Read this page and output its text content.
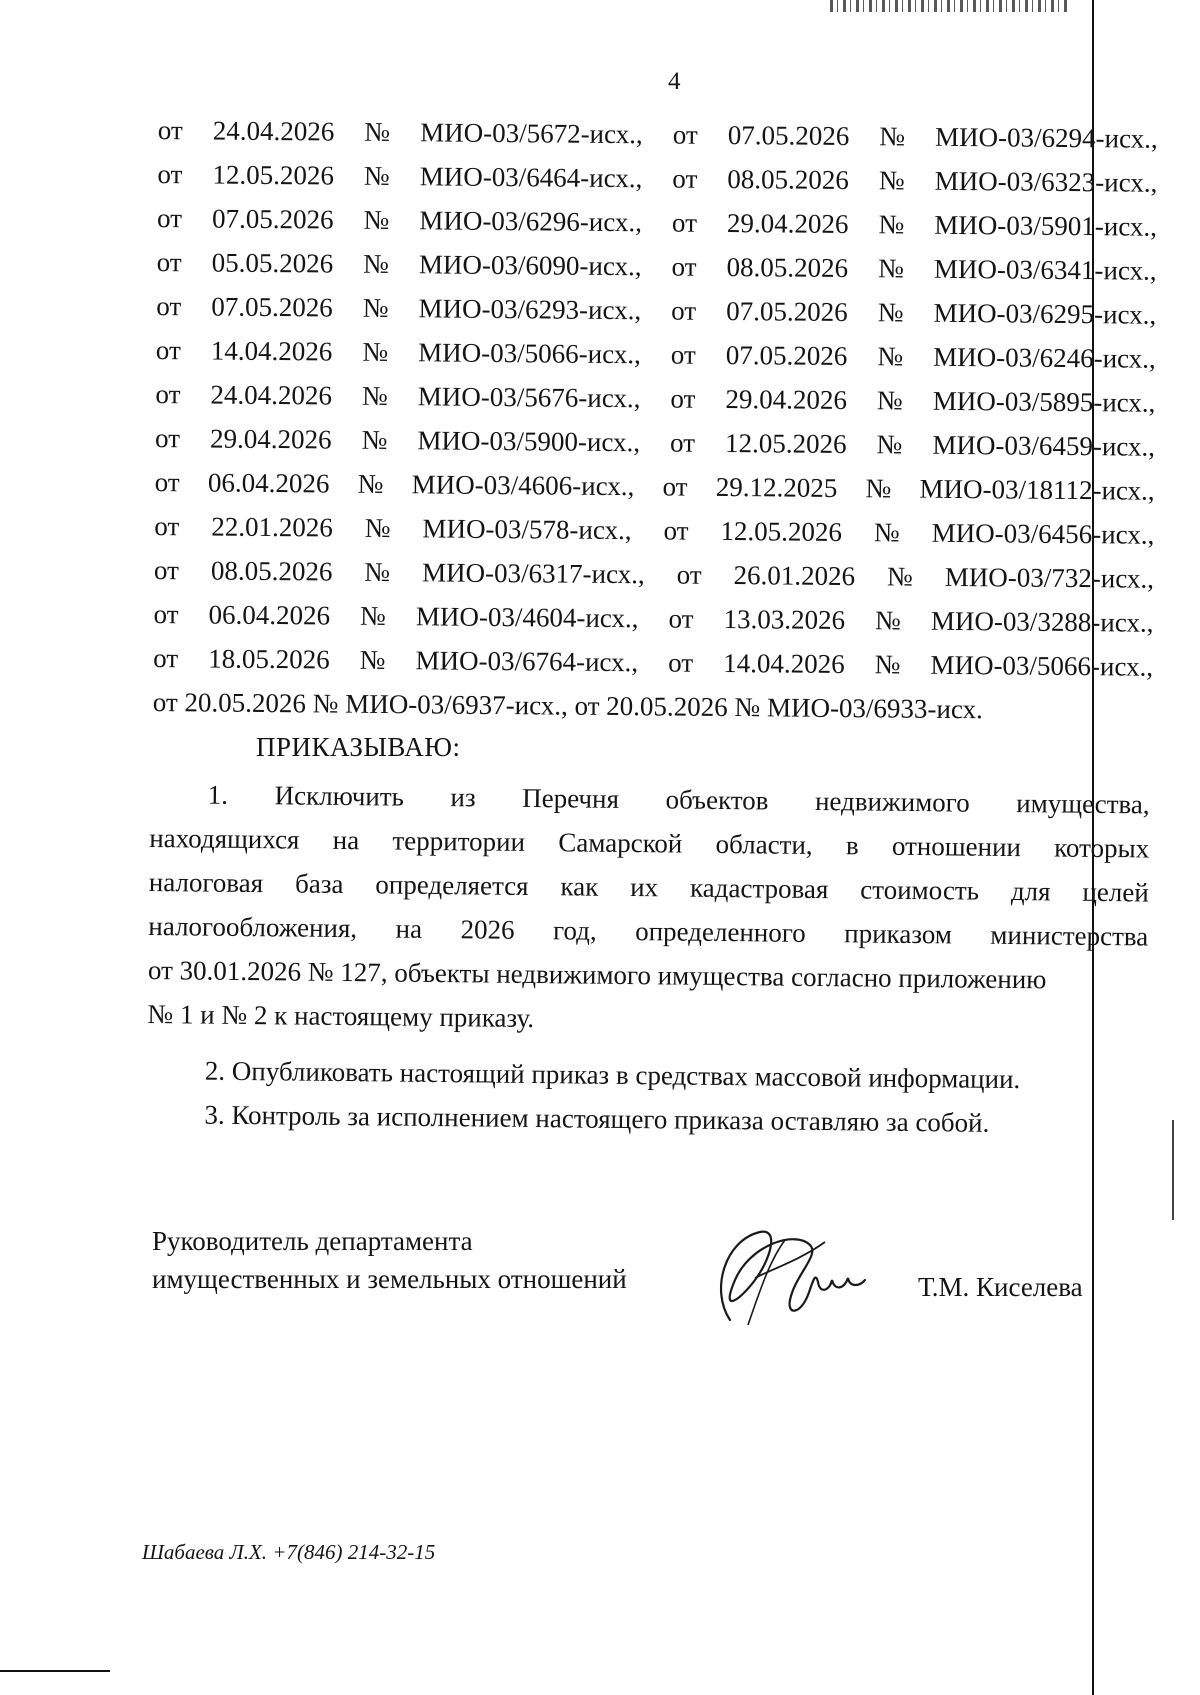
4
от 24.04.2026 № МИО-03/5672-исх., от 07.05.2026 № МИО-03/6294-исх.,
от 12.05.2026 № МИО-03/6464-исх., от 08.05.2026 № МИО-03/6323-исх.,
от 07.05.2026 № МИО-03/6296-исх., от 29.04.2026 № МИО-03/5901-исх.,
от 05.05.2026 № МИО-03/6090-исх., от 08.05.2026 № МИО-03/6341-исх.,
от 07.05.2026 № МИО-03/6293-исх., от 07.05.2026 № МИО-03/6295-исх.,
от 14.04.2026 № МИО-03/5066-исх., от 07.05.2026 № МИО-03/6246-исх.,
от 24.04.2026 № МИО-03/5676-исх., от 29.04.2026 № МИО-03/5895-исх.,
от 29.04.2026 № МИО-03/5900-исх., от 12.05.2026 № МИО-03/6459-исх.,
от 06.04.2026 № МИО-03/4606-исх., от 29.12.2025 № МИО-03/18112-исх.,
от 22.01.2026 № МИО-03/578-исх., от 12.05.2026 № МИО-03/6456-исх.,
от 08.05.2026 № МИО-03/6317-исх., от 26.01.2026 № МИО-03/732-исх.,
от 06.04.2026 № МИО-03/4604-исх., от 13.03.2026 № МИО-03/3288-исх.,
от 18.05.2026 № МИО-03/6764-исх., от 14.04.2026 № МИО-03/5066-исх.,
от 20.05.2026 № МИО-03/6937-исх., от 20.05.2026 № МИО-03/6933-исх.
ПРИКАЗЫВАЮ:
1. Исключить из Перечня объектов недвижимого имущества,
находящихся на территории Самарской области, в отношении которых
налоговая база определяется как их кадастровая стоимость для целей
налогообложения, на 2026 год, определенного приказом министерства
от 30.01.2026 № 127, объекты недвижимого имущества согласно приложению
№ 1 и № 2 к настоящему приказу.
2. Опубликовать настоящий приказ в средствах массовой информации.
3. Контроль за исполнением настоящего приказа оставляю за собой.
Руководитель департамента
имущественных и земельных отношений	Т.М. Киселева
Шабаева Л.Х. +7(846) 214-32-15
